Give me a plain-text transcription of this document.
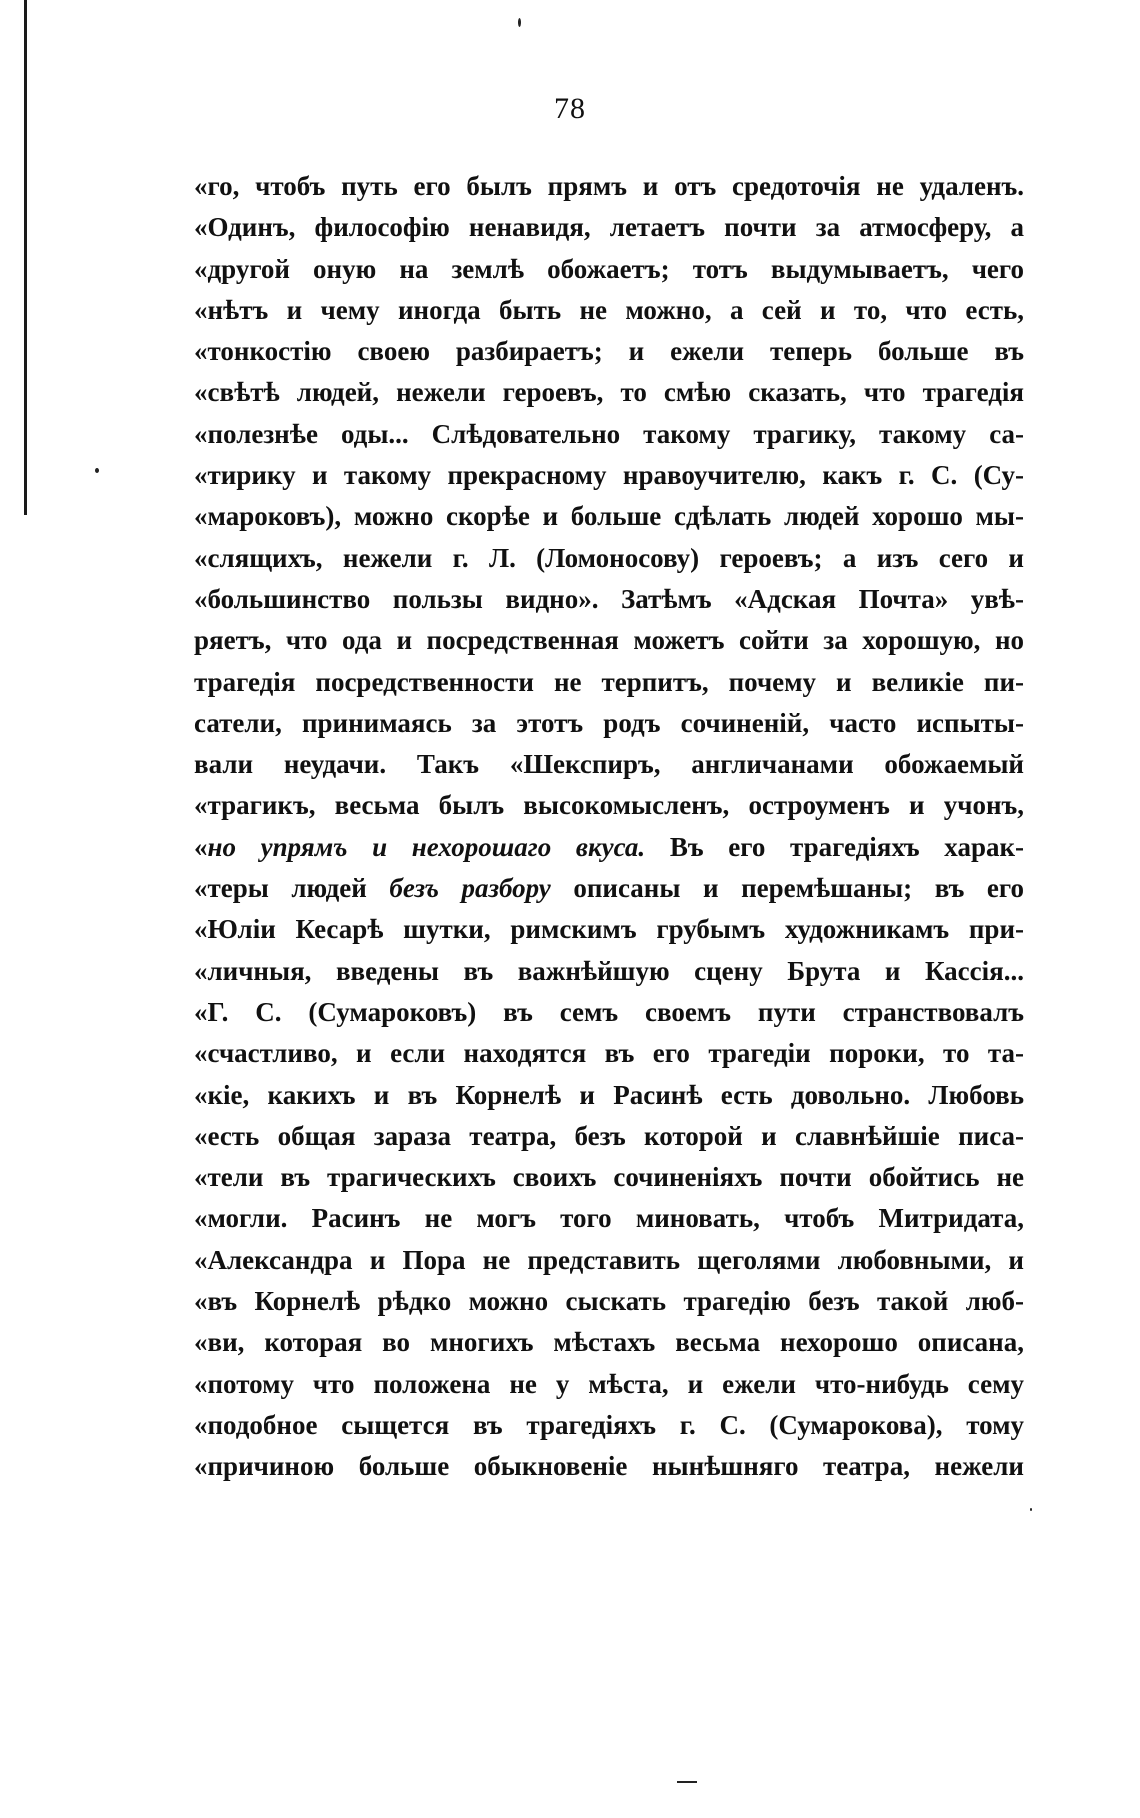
78
«го, чтобъ путь его былъ прямъ и отъ средоточія не удаленъ.
«Одинъ, философію ненавидя, летаетъ почти за атмосферу, а
«другой оную на землѣ обожаетъ; тотъ выдумываетъ, чего
«нѣтъ и чему иногда быть не можно, а сей и то, что есть,
«тонкостію своею разбираетъ; и ежели теперь больше въ
«свѣтѣ людей, нежели героевъ, то смѣю сказать, что трагедія
«полезнѣе оды... Слѣдовательно такому трагику, такому са-
«тирику и такому прекрасному нравоучителю, какъ г. С. (Су-
«мароковъ), можно скорѣе и больше сдѣлать людей хорошо мы-
«слящихъ, нежели г. Л. (Ломоносову) героевъ; а изъ сего и
«большинство пользы видно». Затѣмъ «Адская Почта» увѣ-
ряетъ, что ода и посредственная можетъ сойти за хорошую, но
трагедія посредственности не терпитъ, почему и великіе пи-
сатели, принимаясь за этотъ родъ сочиненій, часто испыты-
вали неудачи. Такъ «Шекспиръ, англичанами обожаемый
«трагикъ, весьма былъ высокомысленъ, остроуменъ и учонъ,
«но упрямъ и нехорошаго вкуса. Въ его трагедіяхъ харак-
«теры людей безъ разбору описаны и перемѣшаны; въ его
«Юліи Кесарѣ шутки, римскимъ грубымъ художникамъ при-
«личныя, введены въ важнѣйшую сцену Брута и Кассія...
«Г. С. (Сумароковъ) въ семъ своемъ пути странствовалъ
«счастливо, и если находятся въ его трагедіи пороки, то та-
«кіе, какихъ и въ Корнелѣ и Расинѣ есть довольно. Любовь
«есть общая зараза театра, безъ которой и славнѣйшіе писа-
«тели въ трагическихъ своихъ сочиненіяхъ почти обойтись не
«могли. Расинъ не могъ того миновать, чтобъ Митридата,
«Александра и Пора не представить щеголями любовными, и
«въ Корнелѣ рѣдко можно сыскать трагедію безъ такой люб-
«ви, которая во многихъ мѣстахъ весьма нехорошо описана,
«потому что положена не у мѣста, и ежели что-нибудь сему
«подобное сыщется въ трагедіяхъ г. С. (Сумарокова), тому
«причиною больше обыкновеніе нынѣшняго театра, нежели
